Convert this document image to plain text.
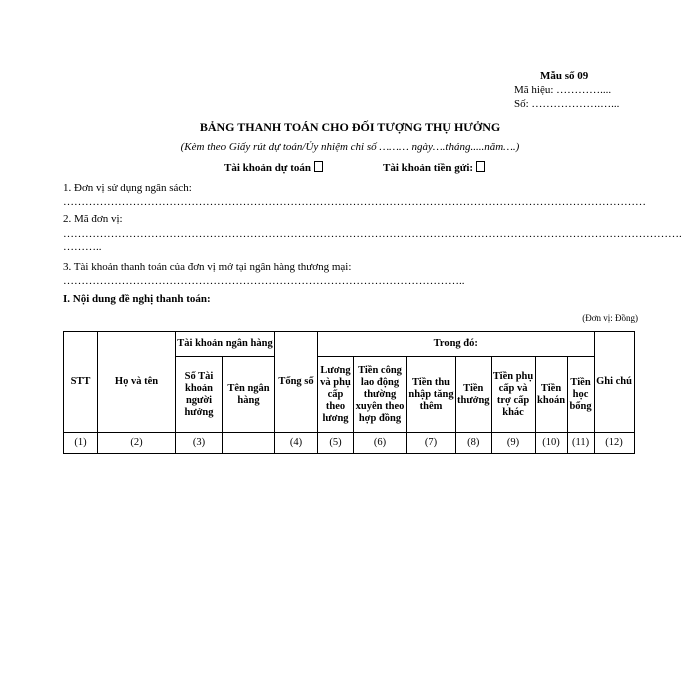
Mẫu số 09
Mã hiệu: …………....
Số: ……………….…...
BẢNG THANH TOÁN CHO ĐỐI TƯỢNG THỤ HƯỞNG
(Kèm theo Giấy rút dự toán/Ủy nhiệm chi số ……… ngày….tháng.....năm….)
Tài khoản dự toán	Tài khoản tiền gửi:
1. Đơn vị sử dụng ngân sách:
……………………………………………………………………………………………………………………………………………
2. Mã đơn vị:
…………………………………………………………………………………………………………………………………………………….
………..
3. Tài khoản thanh toán của đơn vị mở tại ngân hàng thương mại:
………………………………………………………………………………………………..
I. Nội dung đề nghị thanh toán:
(Đơn vị: Đồng)
STT	Họ và tên	Tài khoản ngân hàng		Tổng số	Trong đó:							Ghi chú
		Số Tài khoản người hưởng	Tên ngân hàng		Lương và phụ cấp theo lương	Tiền công lao động thường xuyên theo hợp đồng	Tiền thu nhập tăng thêm	Tiền thưởng	Tiền phụ cấp và trợ cấp khác	Tiền khoán	Tiền học bổng	
(1)	(2)	(3)		(4)	(5)	(6)	(7)	(8)	(9)	(10)	(11)	(12)
